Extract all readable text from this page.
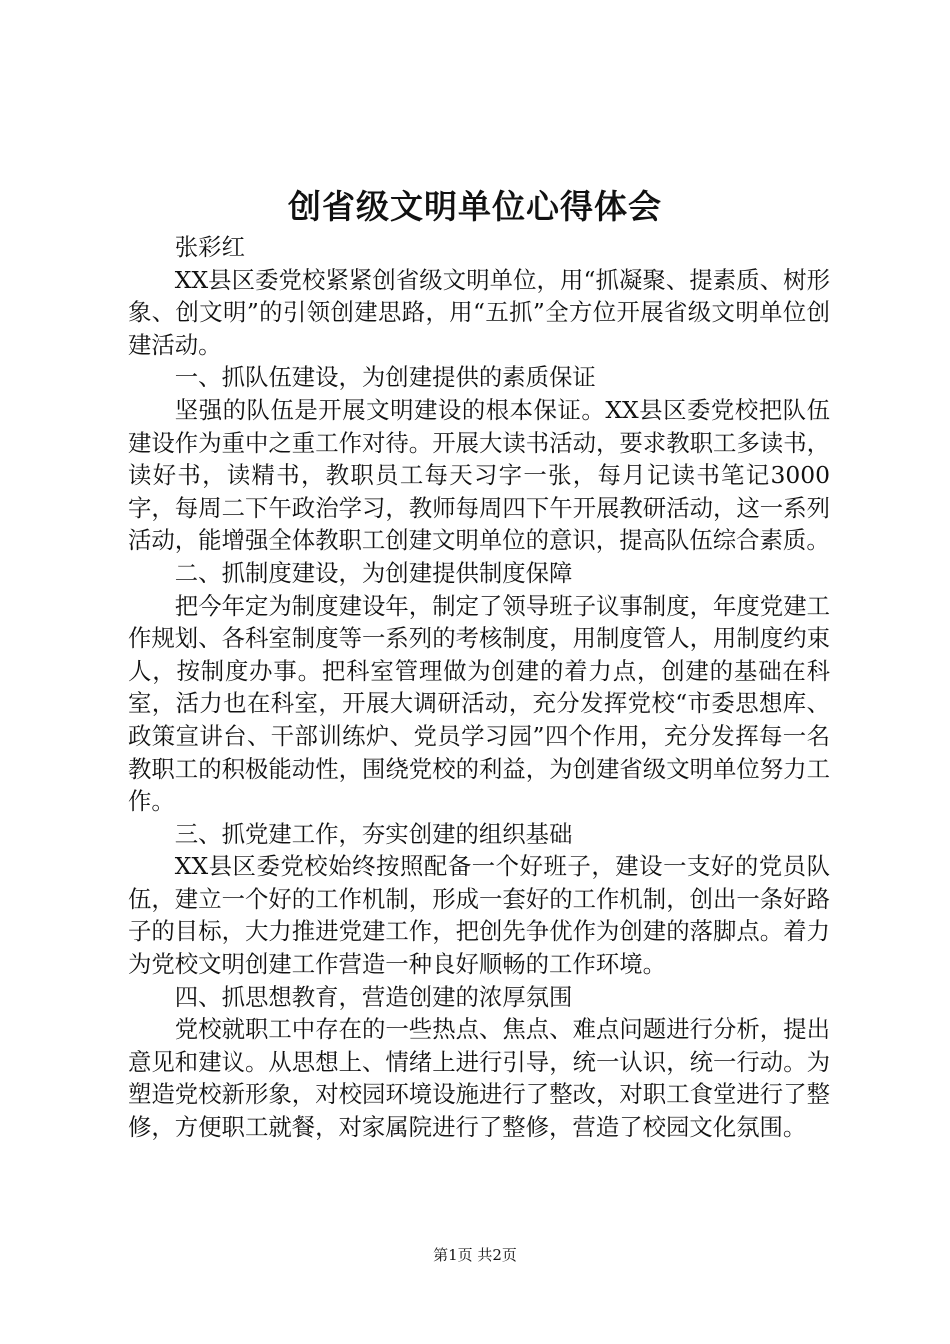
创省级文明单位心得体会

张彩红

XX县区委党校紧紧创省级文明单位，用“抓凝聚、提素质、树形象、创文明”的引领创建思路，用“五抓”全方位开展省级文明单位创建活动。

一、抓队伍建设，为创建提供的素质保证

坚强的队伍是开展文明建设的根本保证。XX县区委党校把队伍建设作为重中之重工作对待。开展大读书活动，要求教职工多读书，读好书，读精书，教职员工每天习字一张，每月记读书笔记3000字，每周二下午政治学习，教师每周四下午开展教研活动，这一系列活动，能增强全体教职工创建文明单位的意识，提高队伍综合素质。

二、抓制度建设，为创建提供制度保障

把今年定为制度建设年，制定了领导班子议事制度，年度党建工作规划、各科室制度等一系列的考核制度，用制度管人，用制度约束人，按制度办事。把科室管理做为创建的着力点，创建的基础在科室，活力也在科室，开展大调研活动，充分发挥党校“市委思想库、政策宣讲台、干部训练炉、党员学习园”四个作用，充分发挥每一名教职工的积极能动性，围绕党校的利益，为创建省级文明单位努力工作。

三、抓党建工作，夯实创建的组织基础

XX县区委党校始终按照配备一个好班子，建设一支好的党员队伍，建立一个好的工作机制，形成一套好的工作机制，创出一条好路子的目标，大力推进党建工作，把创先争优作为创建的落脚点。着力为党校文明创建工作营造一种良好顺畅的工作环境。

四、抓思想教育，营造创建的浓厚氛围

党校就职工中存在的一些热点、焦点、难点问题进行分析，提出意见和建议。从思想上、情绪上进行引导，统一认识，统一行动。为塑造党校新形象，对校园环境设施进行了整改，对职工食堂进行了整修，方便职工就餐，对家属院进行了整修，营造了校园文化氛围。

第1页 共2页
